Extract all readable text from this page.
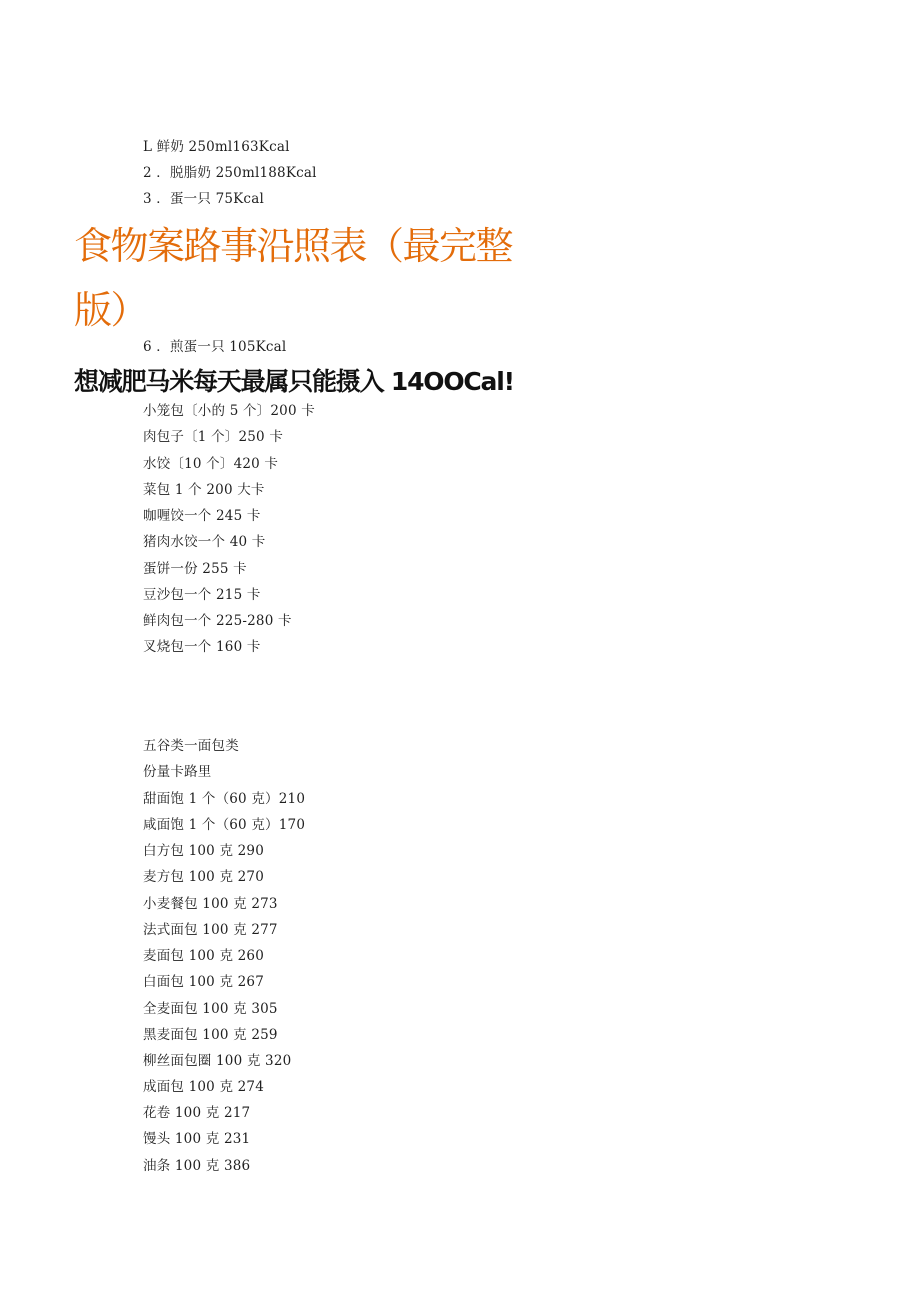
L 鲜奶 250ml163Kcal
2 ．脱脂奶 250ml188Kcal
3 ．蛋一只 75Kcal
食物案路事沿照表（最完整
版）
6 ．煎蛋一只 105Kcal
想减肥马米每天最属只能摄入 14OOCal!
小笼包〔小的 5 个〕200 卡
肉包子〔1 个〕250 卡
水饺〔10 个〕420 卡
菜包 1 个 200 大卡
咖喱饺一个 245 卡
猪肉水饺一个 40 卡
蛋饼一份 255 卡
豆沙包一个 215 卡
鲜肉包一个 225-280 卡
叉烧包一个 160 卡
五谷类一面包类
份量卡路里
甜面饱 1 个（60 克）210
咸面饱 1 个（60 克）170
白方包 100 克 290
麦方包 100 克 270
小麦餐包 100 克 273
法式面包 100 克 277
麦面包 100 克 260
白面包 100 克 267
全麦面包 100 克 305
黑麦面包 100 克 259
柳丝面包圈 100 克 320
成面包 100 克 274
花卷 100 克 217
馒头 100 克 231
油条 100 克 386
